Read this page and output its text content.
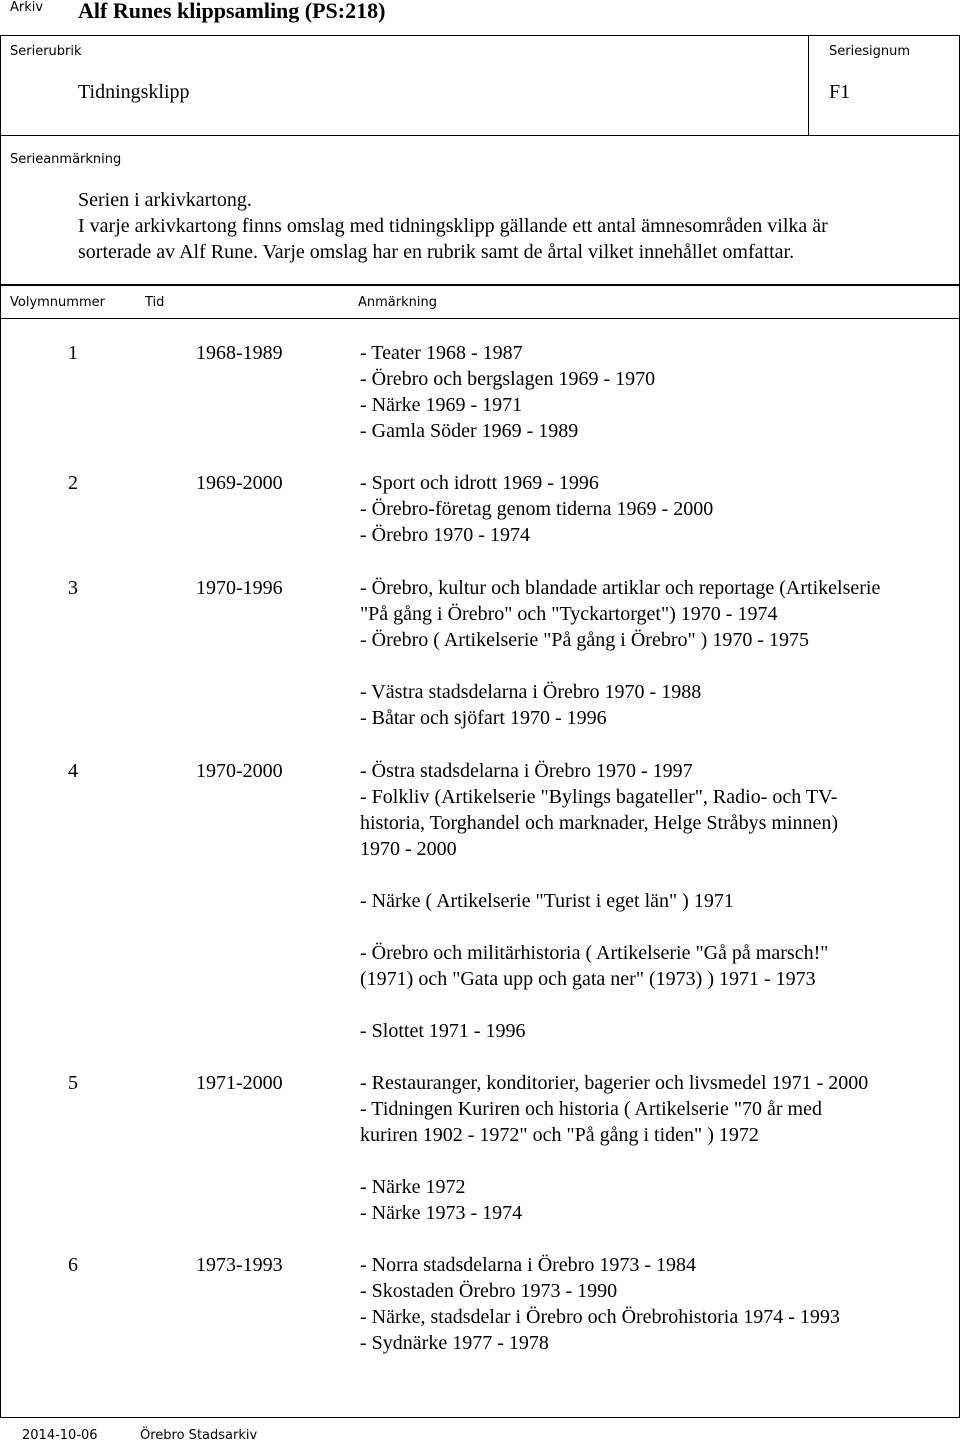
Arkiv Alf Runes klippsamling (PS:218)
Serierubrik
Tidningsklipp
Seriesignum
F1
Serieanmärkning
Serien i arkivkartong.
I varje arkivkartong finns omslag med tidningsklipp gällande ett antal ämnesområden vilka är
sorterade av Alf Rune. Varje omslag har en rubrik samt de årtal vilket innehållet omfattar.
Volymnummer	Tid	Anmärkning
1	1968-1989	- Teater 1968 - 1987
- Örebro och bergslagen 1969 - 1970
- Närke 1969 - 1971
- Gamla Söder 1969 - 1989
2	1969-2000	- Sport och idrott 1969 - 1996
- Örebro-företag genom tiderna 1969 - 2000
- Örebro 1970 - 1974
3	1970-1996	- Örebro, kultur och blandade artiklar och reportage (Artikelserie
"På gång i Örebro" och "Tyckartorget") 1970 - 1974
- Örebro ( Artikelserie "På gång i Örebro" ) 1970 - 1975
- Västra stadsdelarna i Örebro 1970 - 1988
- Båtar och sjöfart 1970 - 1996
4	1970-2000	- Östra stadsdelarna i Örebro 1970 - 1997
- Folkliv (Artikelserie "Bylings bagateller", Radio- och TV-
historia, Torghandel och marknader, Helge Stråbys minnen)
1970 - 2000
- Närke ( Artikelserie "Turist i eget län" ) 1971
- Örebro och militärhistoria ( Artikelserie "Gå på marsch!"
(1971) och "Gata upp och gata ner" (1973) ) 1971 - 1973
- Slottet 1971 - 1996
5	1971-2000	- Restauranger, konditorier, bagerier och livsmedel 1971 - 2000
- Tidningen Kuriren och historia ( Artikelserie "70 år med
kuriren 1902 - 1972" och "På gång i tiden" ) 1972
- Närke 1972
- Närke 1973 - 1974
6	1973-1993	- Norra stadsdelarna i Örebro 1973 - 1984
- Skostaden Örebro 1973 - 1990
- Närke, stadsdelar i Örebro och Örebrohistoria 1974 - 1993
- Sydnärke 1977 - 1978
2014-10-06	Örebro Stadsarkiv
